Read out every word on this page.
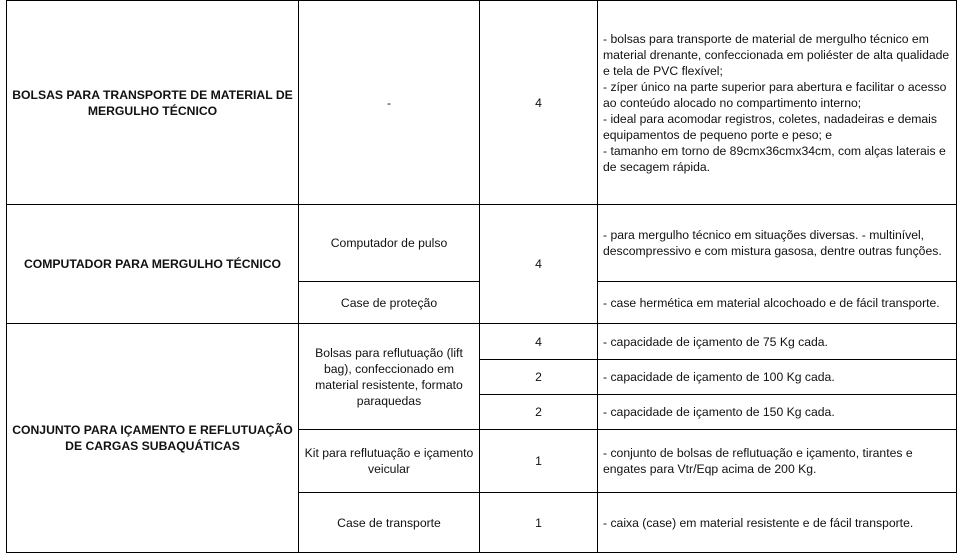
BOLSAS PARA TRANSPORTE DE MATERIAL DE MERGULHO TÉCNICO	-	4	- bolsas para transporte de material de mergulho técnico em material drenante, confeccionada em poliéster de alta qualidade e tela de PVC flexível;
- zíper único na parte superior para abertura e facilitar o acesso ao conteúdo alocado no compartimento interno;
- ideal para acomodar registros, coletes, nadadeiras e demais equipamentos de pequeno porte e peso; e
- tamanho em torno de 89cmx36cmx34cm, com alças laterais e de secagem rápida.

COMPUTADOR PARA MERGULHO TÉCNICO	Computador de pulso	4	- para mergulho técnico em situações diversas. - multinível, descompressivo e com mistura gasosa, dentre outras funções.
	Case de proteção		- case hermética em material alcochoado e de fácil transporte.
CONJUNTO PARA IÇAMENTO E REFLUTUAÇÃO DE CARGAS SUBAQUÁTICAS	Bolsas para reflutuação (lift bag), confeccionado em material resistente, formato paraquedas	4	- capacidade de içamento de 75 Kg cada.
		2	- capacidade de içamento de 100 Kg cada.
		2	- capacidade de içamento de 150 Kg cada.
	Kit para reflutuação e içamento veicular	1	- conjunto de bolsas de reflutuação e içamento, tirantes e engates para Vtr/Eqp acima de 200 Kg.
	Case de transporte	1	- caixa (case) em material resistente e de fácil transporte.
